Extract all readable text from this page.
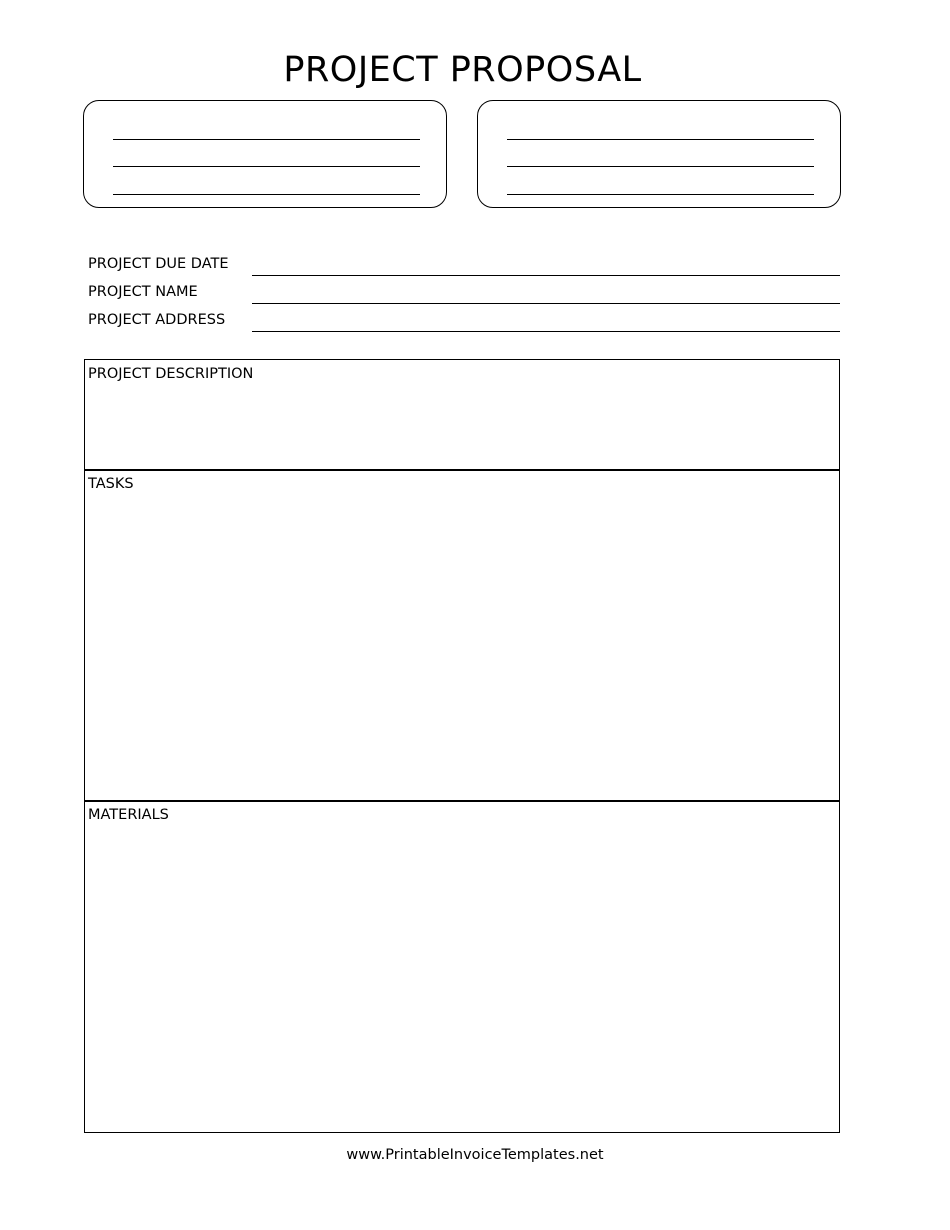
PROJECT PROPOSAL
PROJECT DUE DATE
PROJECT NAME
PROJECT ADDRESS
PROJECT DESCRIPTION
TASKS
MATERIALS
www.PrintableInvoiceTemplates.net
